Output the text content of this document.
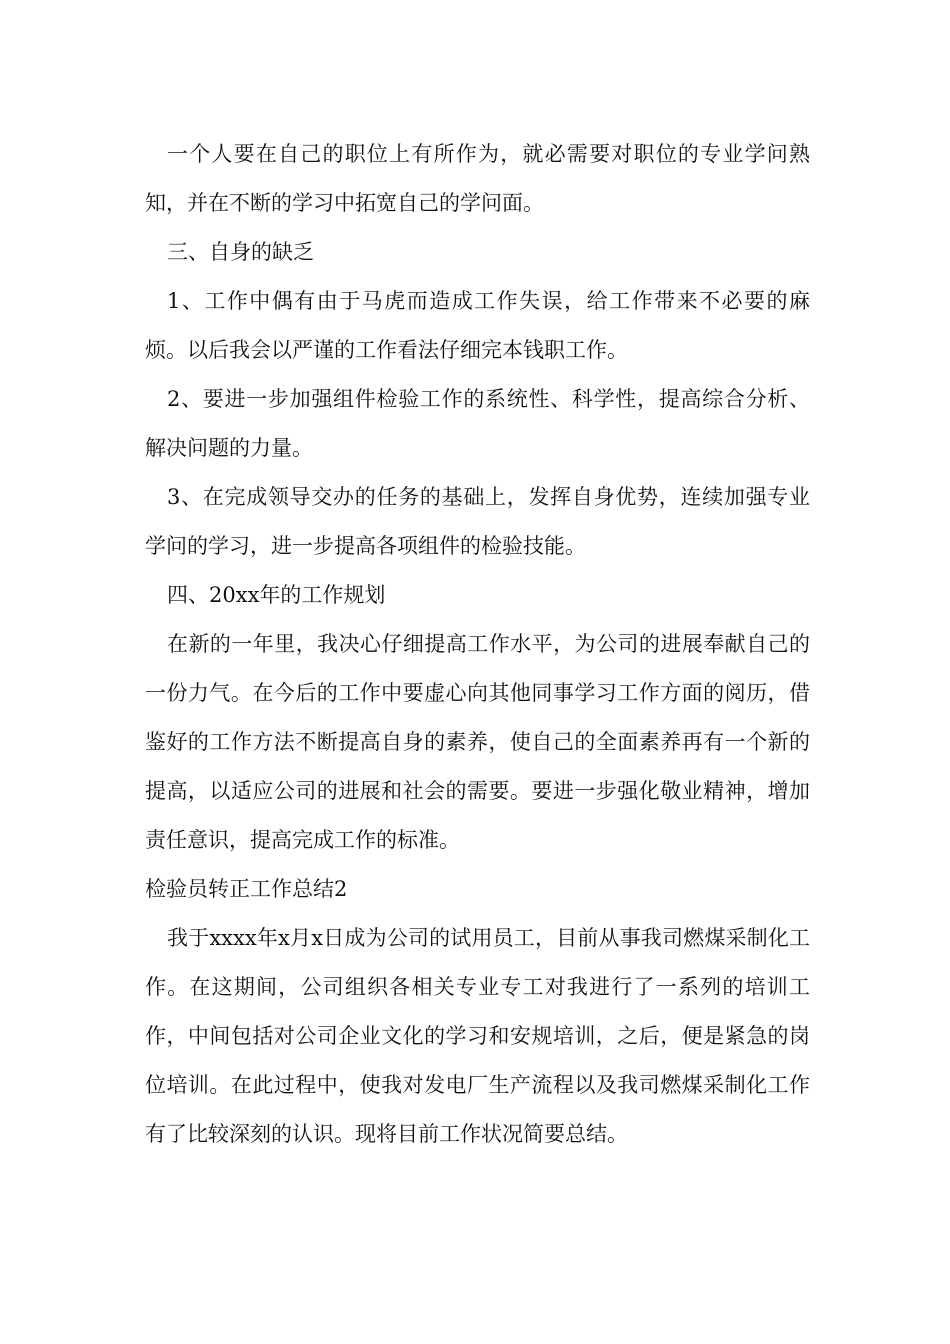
一个人要在自己的职位上有所作为，就必需要对职位的专业学问熟知，并在不断的学习中拓宽自己的学问面。

三、自身的缺乏

1、工作中偶有由于马虎而造成工作失误，给工作带来不必要的麻烦。以后我会以严谨的工作看法仔细完本钱职工作。

2、要进一步加强组件检验工作的系统性、科学性，提高综合分析、解决问题的力量。

3、在完成领导交办的任务的基础上，发挥自身优势，连续加强专业学问的学习，进一步提高各项组件的检验技能。

四、20xx年的工作规划

在新的一年里，我决心仔细提高工作水平，为公司的进展奉献自己的一份力气。在今后的工作中要虚心向其他同事学习工作方面的阅历，借鉴好的工作方法不断提高自身的素养，使自己的全面素养再有一个新的提高，以适应公司的进展和社会的需要。要进一步强化敬业精神，增加责任意识，提高完成工作的标准。

检验员转正工作总结2

我于xxxx年x月x日成为公司的试用员工，目前从事我司燃煤采制化工作。在这期间，公司组织各相关专业专工对我进行了一系列的培训工作，中间包括对公司企业文化的学习和安规培训，之后，便是紧急的岗位培训。在此过程中，使我对发电厂生产流程以及我司燃煤采制化工作有了比较深刻的认识。现将目前工作状况简要总结。
